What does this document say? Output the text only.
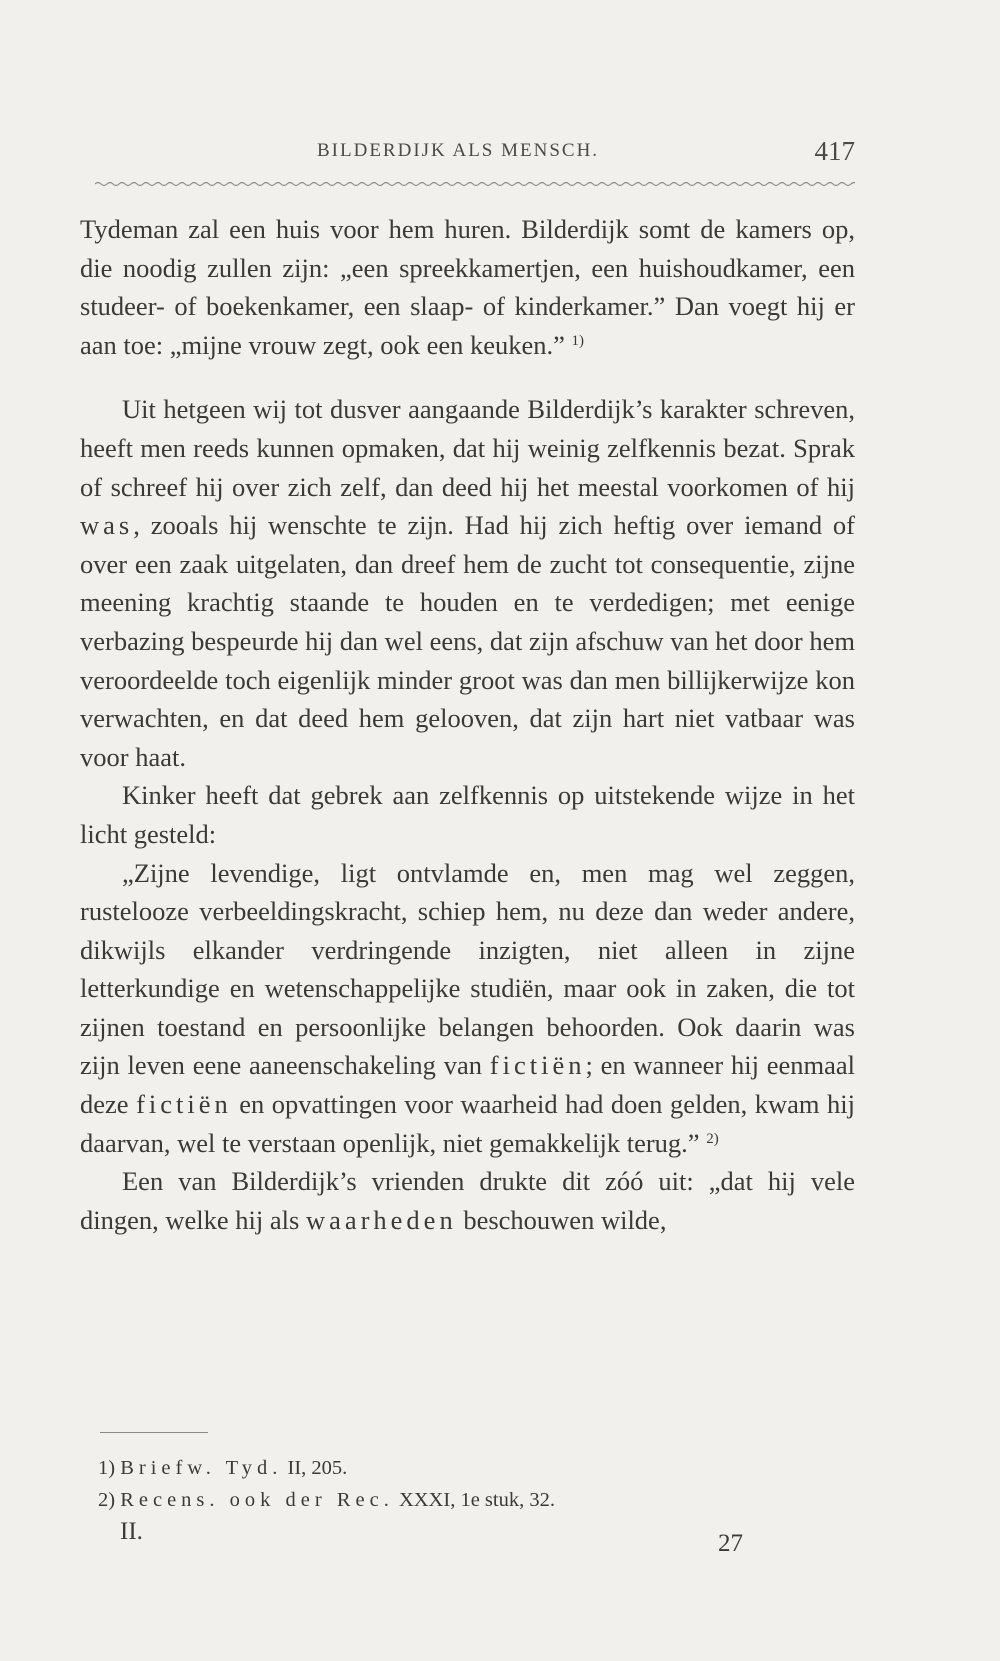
BILDERDIJK ALS MENSCH.	417

Tydeman zal een huis voor hem huren. Bilderdijk somt de kamers op, die noodig zullen zijn: „een spreekkamertjen, een huishoudkamer, een studeer- of boekenkamer, een slaap- of kinderkamer.” Dan voegt hij er aan toe: „mijne vrouw zegt, ook een keuken.” $^{1)}$

Uit hetgeen wij tot dusver aangaande Bilderdijk’s karakter schreven, heeft men reeds kunnen opmaken, dat hij weinig zelfkennis bezat. Sprak of schreef hij over zich zelf, dan deed hij het meestal voorkomen of hij was, zooals hij wenschte te zijn. Had hij zich heftig over iemand of over een zaak uitgelaten, dan dreef hem de zucht tot consequentie, zijne meening krachtig staande te houden en te verdedigen; met eenige verbazing bespeurde hij dan wel eens, dat zijn afschuw van het door hem veroordeelde toch eigenlijk minder groot was dan men billijkerwijze kon verwachten, en dat deed hem gelooven, dat zijn hart niet vatbaar was voor haat.

Kinker heeft dat gebrek aan zelfkennis op uitstekende wijze in het licht gesteld:

„Zijne levendige, ligt ontvlamde en, men mag wel zeggen, rustelooze verbeeldingskracht, schiep hem, nu deze dan weder andere, dikwijls elkander verdringende inzigten, niet alleen in zijne letterkundige en wetenschappelijke studiën, maar ook in zaken, die tot zijnen toestand en persoonlijke belangen behoorden. Ook daarin was zijn leven eene aaneenschakeling van fictiën; en wanneer hij eenmaal deze fictiën en opvattingen voor waarheid had doen gelden, kwam hij daarvan, wel te verstaan openlijk, niet gemakkelijk terug.” $^{2)}$

Een van Bilderdijk’s vrienden drukte dit zóó uit: „dat hij vele dingen, welke hij als waarheden beschouwen wilde,

1) Briefw. Tyd. II, 205.
2) Recens. ook der Rec. XXXI, 1e stuk, 32.
II.	27
